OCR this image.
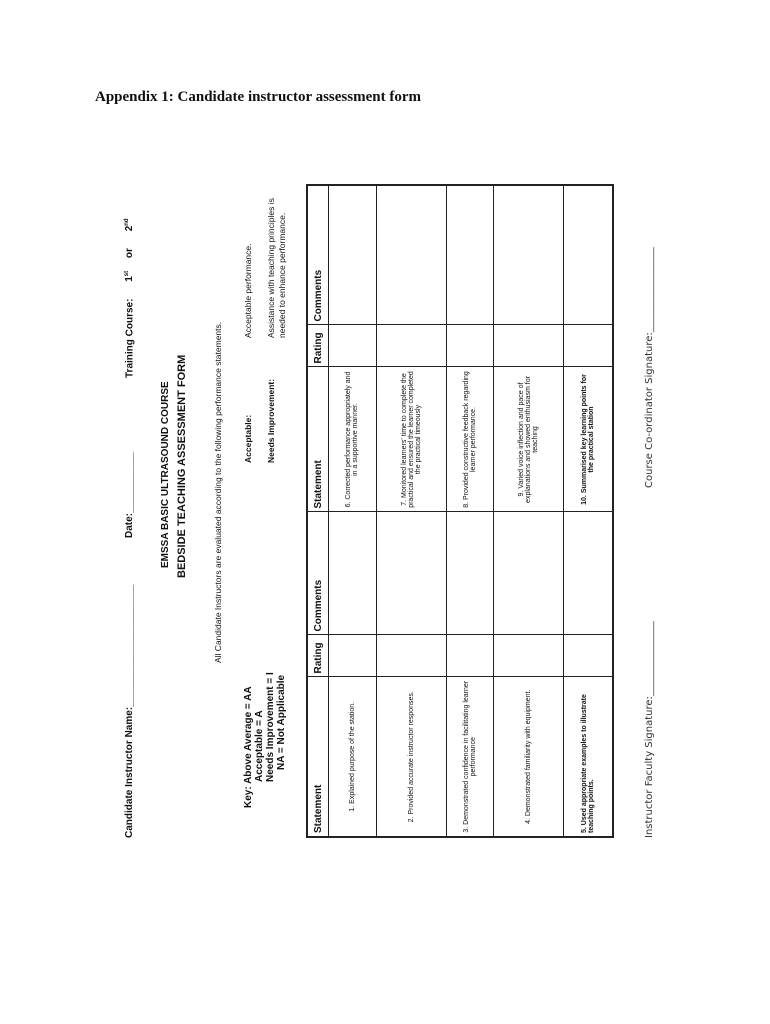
Appendix 1: Candidate instructor assessment form
Candidate Instructor Name:______________________
Date:___________
Training Course: 1st or 2nd
EMSSA BASIC ULTRASOUND COURSE BEDSIDE TEACHING ASSESSMENT FORM	All Candidate Instructors are evaluated according to the following performance statements.
Key: Above Average = AA Acceptable = A Needs Improvement = I NA = Not Applicable
Acceptable:
Acceptable performance.
Needs Improvement:
Assistance with teaching principles is needed to enhance performance.
Statement	Rating	Comments	Statement	Rating	Comments
1. Explained purpose of the station.			6. Corrected performance appropriately and in a supportive manner.		
2. Provided accurate instructor responses.			7. Monitored learners' time to complete the practical and ensured the learner completed the practical timeously		
3. Demonstrated confidence in facilitating learner performance			8. Provided constructive feedback regarding learner performance.		
4. Demonstrated familiarity with equipment.			9. Varied voice inflection and pace of explanations and showed enthusiasm for teaching		
5. Used appropriate examples to illustrate teaching points.			10. Summarised key learning points for the practical station		
Instructor Faculty Signature:_______________
Course Co-ordinator Signature:_________________
